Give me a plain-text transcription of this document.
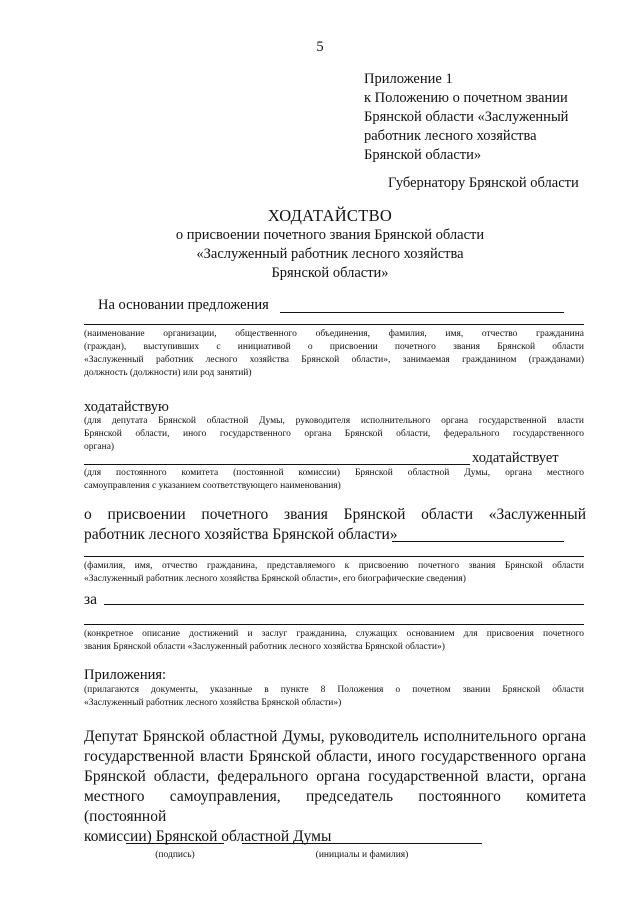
5
Приложение 1
к Положению о почетном звании
Брянской области «Заслуженный
работник лесного хозяйства
Брянской области»
Губернатору Брянской области
ХОДАТАЙСТВО
о присвоении почетного звания Брянской области
«Заслуженный работник лесного хозяйства
Брянской области»
На основании предложения
(наименование организации, общественного объединения, фамилия, имя, отчество гражданина
(граждан), выступивших с инициативой о присвоении почетного звания Брянской области
«Заслуженный работник лесного хозяйства Брянской области», занимаемая гражданином (гражданами)
должность (должности) или род занятий)
ходатайствую
(для депутата Брянской областной Думы, руководителя исполнительного органа государственной власти
Брянской области, иного государственного органа Брянской области, федерального государственного
органа)
ходатайствует
(для постоянного комитета (постоянной комиссии) Брянской областной Думы, органа местного
самоуправления с указанием соответствующего наименования)
о присвоении почетного звания Брянской области «Заслуженный
работник лесного хозяйства Брянской области»
(фамилия, имя, отчество гражданина, представляемого к присвоению почетного звания Брянской области
«Заслуженный работник лесного хозяйства Брянской области», его биографические сведения)
за
(конкретное описание достижений и заслуг гражданина, служащих основанием для присвоения почетного
звания Брянской области «Заслуженный работник лесного хозяйства Брянской области»)
Приложения:
(прилагаются документы, указанные в пункте 8 Положения о почетном звании Брянской области
«Заслуженный работник лесного хозяйства Брянской области»)
Депутат Брянской областной Думы, руководитель исполнительного органа
государственной власти Брянской области, иного государственного органа
Брянской области, федерального органа государственной власти, органа
местного самоуправления, председатель постоянного комитета (постоянной
комиссии) Брянской областной Думы
(подпись)	(инициалы и фамилия)
